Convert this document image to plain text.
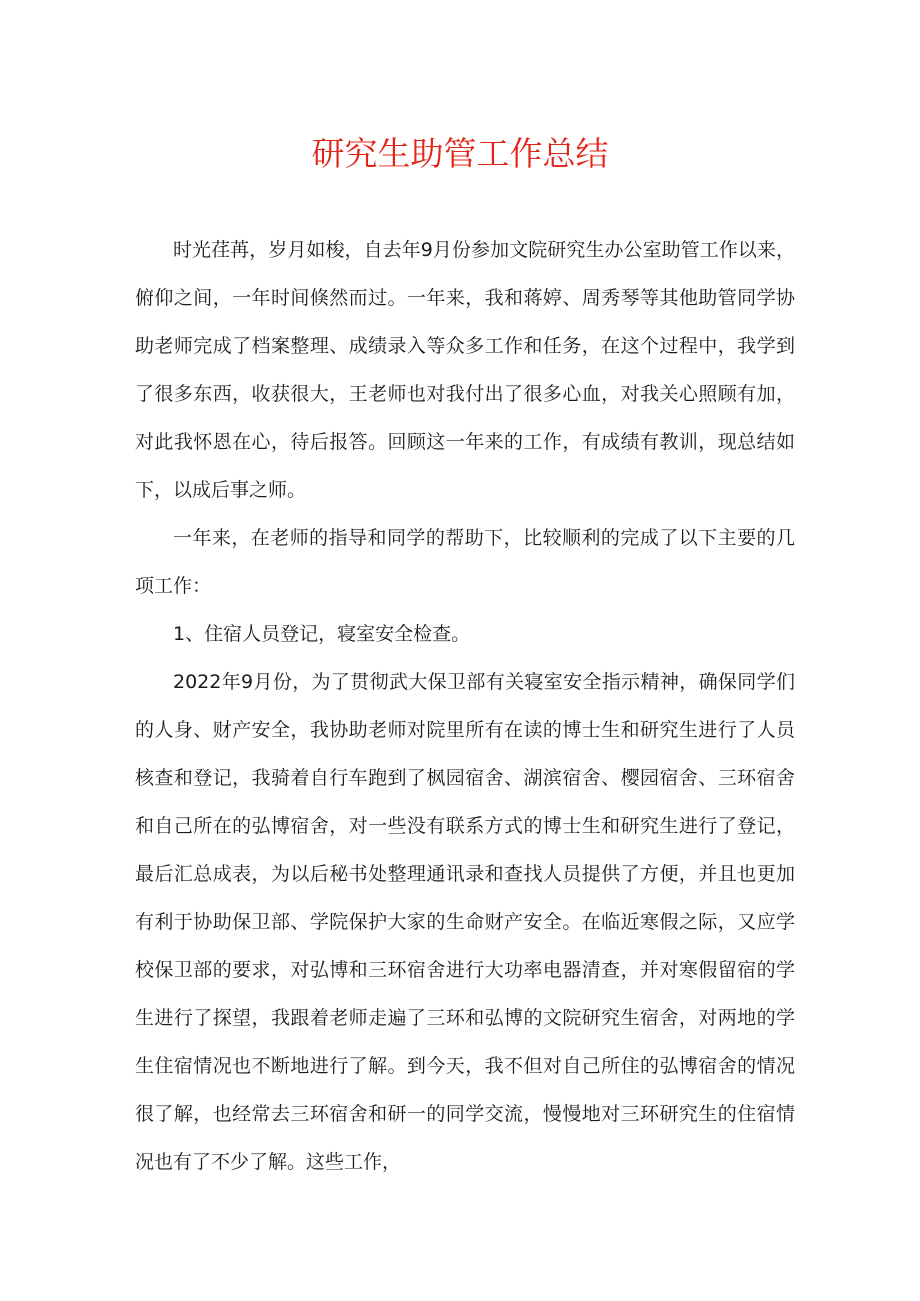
研究生助管工作总结

时光荏苒，岁月如梭，自去年9月份参加文院研究生办公室助管工作以来，俯仰之间，一年时间倏然而过。一年来，我和蒋婷、周秀琴等其他助管同学协助老师完成了档案整理、成绩录入等众多工作和任务，在这个过程中，我学到了很多东西，收获很大，王老师也对我付出了很多心血，对我关心照顾有加，对此我怀恩在心，待后报答。回顾这一年来的工作，有成绩有教训，现总结如下，以成后事之师。

一年来，在老师的指导和同学的帮助下，比较顺利的完成了以下主要的几项工作：

1、住宿人员登记，寝室安全检查。

2022年9月份，为了贯彻武大保卫部有关寝室安全指示精神，确保同学们的人身、财产安全，我协助老师对院里所有在读的博士生和研究生进行了人员核查和登记，我骑着自行车跑到了枫园宿舍、湖滨宿舍、樱园宿舍、三环宿舍和自己所在的弘博宿舍，对一些没有联系方式的博士生和研究生进行了登记，最后汇总成表，为以后秘书处整理通讯录和查找人员提供了方便，并且也更加有利于协助保卫部、学院保护大家的生命财产安全。在临近寒假之际，又应学校保卫部的要求，对弘博和三环宿舍进行大功率电器清查，并对寒假留宿的学生进行了探望，我跟着老师走遍了三环和弘博的文院研究生宿舍，对两地的学生住宿情况也不断地进行了解。到今天，我不但对自己所住的弘博宿舍的情况很了解，也经常去三环宿舍和研一的同学交流，慢慢地对三环研究生的住宿情况也有了不少了解。这些工作，
